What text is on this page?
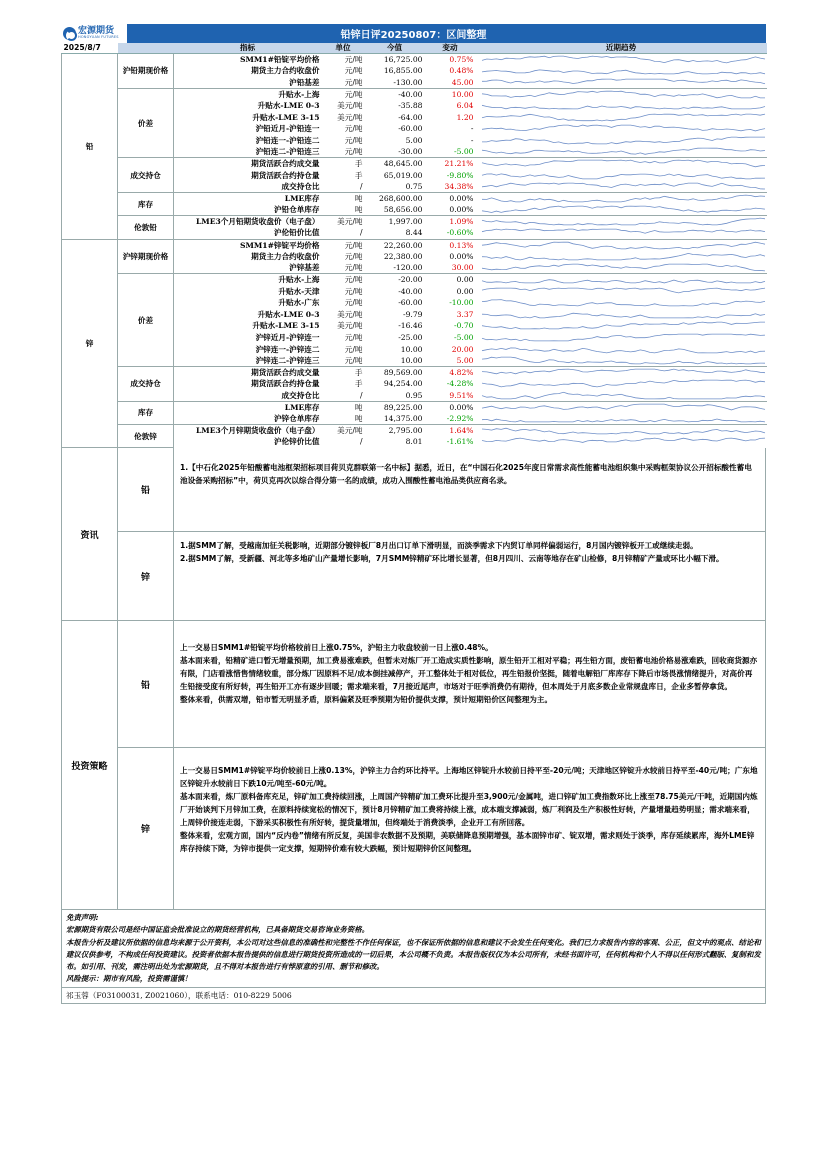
宏源期货
HONGYUAN FUTURES	铅锌日评20250807：区间整理
2025/8/7		指标	单位	今值	变动	近期趋势
铅	沪铅期现价格	SMM1#铅锭平均价格	元/吨	16,725.00	0.75%	

		期货主力合约收盘价	元/吨	16,855.00	0.48%	

		沪铅基差	元/吨	-130.00	45.00	

	价差	升贴水-上海	元/吨	-40.00	10.00	

		升贴水-LME 0-3	美元/吨	-35.88	6.04	

		升贴水-LME 3-15	美元/吨	-64.00	1.20	

		沪铅近月-沪铅连一	元/吨	-60.00	-	

		沪铅连一-沪铅连二	元/吨	5.00	-	

		沪铅连二-沪铅连三	元/吨	-30.00	-5.00	

	成交持仓	期货活跃合约成交量	手	48,645.00	21.21%	

		期货活跃合约持仓量	手	65,019.00	-9.80%	

		成交持仓比	/	0.75	34.38%	

	库存	LME库存	吨	268,600.00	0.00%	

		沪铅仓单库存	吨	58,656.00	0.00%	

	伦敦铅	LME3个月铅期货收盘价（电子盘）	美元/吨	1,997.00	1.09%	

		沪伦铅价比值	/	8.44	-0.60%	

锌	沪锌期现价格	SMM1#锌锭平均价格	元/吨	22,260.00	0.13%	

		期货主力合约收盘价	元/吨	22,380.00	0.00%	

		沪锌基差	元/吨	-120.00	30.00	

	价差	升贴水-上海	元/吨	-20.00	0.00	

		升贴水-天津	元/吨	-40.00	0.00	

		升贴水-广东	元/吨	-60.00	-10.00	

		升贴水-LME 0-3	美元/吨	-9.79	3.37	

		升贴水-LME 3-15	美元/吨	-16.46	-0.70	

		沪锌近月-沪锌连一	元/吨	-25.00	-5.00	

		沪锌连一-沪锌连二	元/吨	10.00	20.00	

		沪锌连二-沪锌连三	元/吨	10.00	5.00	

	成交持仓	期货活跃合约成交量	手	89,569.00	4.82%	

		期货活跃合约持仓量	手	94,254.00	-4.28%	

		成交持仓比	/	0.95	9.51%	

	库存	LME库存	吨	89,225.00	0.00%	

		沪锌仓单库存	吨	14,375.00	-2.92%	

	伦敦锌	LME3个月锌期货收盘价（电子盘）	美元/吨	2,795.00	1.64%	

		沪伦锌价比值	/	8.01	-1.61%	
资讯
铅
1.【中石化2025年铅酸蓄电池框架招标项目荷贝克群联第一名中标】据悉，近日，在“中国石化2025年度日常需求高性能蓄电池组织集中采购框架协议公开招标酸性蓄电池设备采购招标”中，荷贝克再次以综合得分第一名的成绩，成功入围酸性蓄电池品类供应商名录。
锌
1.据SMM了解，受越南加征关税影响，近期部分镀锌板厂8月出口订单下滑明显，而淡季需求下内贸订单同样偏弱运行，8月国内镀锌板开工或继续走弱。
2.据SMM了解，受新疆、河北等多地矿山产量增长影响，7月SMM锌精矿环比增长显著，但8月四川、云南等地存在矿山检修，8月锌精矿产量或环比小幅下滑。
投资策略
铅
上一交易日SMM1#铅锭平均价格较前日上涨0.75%，沪铅主力收盘较前一日上涨0.48%。
基本面来看，铅精矿进口暂无增量预期，加工费易涨难跌，但暂未对炼厂开工造成实质性影响，原生铅开工相对平稳；再生铅方面，废铅蓄电池价格易涨难跌，回收商货源亦有限，门店看涨惜售情绪较重，部分炼厂因原料不足/成本倒挂减停产，开工整体处于相对低位，再生铅报价坚挺，随着电解铅厂库库存下降后市场畏涨情绪提升，对高价再生铅接受度有所好转，再生铅开工亦有逐步回暖；需求端来看，7月接近尾声，市场对于旺季消费仍有期待，但本周处于月底多数企业常规盘库日，企业多暂停拿货。
整体来看，供需双增，铅市暂无明显矛盾，原料偏紧及旺季预期为铅价提供支撑，预计短期铅价区间整理为主。
锌
上一交易日SMM1#锌锭平均价较前日上涨0.13%，沪锌主力合约环比持平。上海地区锌锭升水较前日持平至-20元/吨；天津地区锌锭升水较前日持平至-40元/吨；广东地区锌锭升水较前日下跌10元/吨至-60元/吨。
基本面来看，炼厂原料备库充足，锌矿加工费持续回涨，上周国产锌精矿加工费环比提升至3,900元/金属吨，进口锌矿加工费指数环比上涨至78.75美元/干吨，近期国内炼厂开始谈判下月锌加工费，在原料持续宽松的情况下，预计8月锌精矿加工费将持续上涨，成本端支撑减弱，炼厂利润及生产积极性好转，产量增量趋势明显；需求端来看，上周锌价接连走弱，下游采买积极性有所好转，提货量增加，但终端处于消费淡季，企业开工有所回落。
整体来看，宏观方面，国内“反内卷”情绪有所反复，美国非农数据不及预期，美联储降息预期增强，基本面锌市矿、锭双增，需求则处于淡季，库存延续累库，海外LME锌库存持续下降，为锌市提供一定支撑，短期锌价难有较大跌幅，预计短期锌价区间整理。
免责声明:
宏源期货有限公司是经中国证监会批准设立的期货经营机构，已具备期货交易咨询业务资格。
本报告分析及建议所依据的信息均来源于公开资料，本公司对这些信息的准确性和完整性不作任何保证，也不保证所依据的信息和建议不会发生任何变化。我们已力求报告内容的客观、公正，但文中的观点、结论和建议仅供参考，不构成任何投资建议。投资者依据本报告提供的信息进行期货投资所造成的一切后果，本公司概不负责。本报告版权仅为本公司所有，未经书面许可，任何机构和个人不得以任何形式翻版、复制和发布。如引用、刊发，需注明出处为宏源期货，且不得对本报告进行有悖原意的引用、删节和修改。
风险提示：期市有风险，投资需谨慎！
祁玉蓉（F03100031, Z0021060），联系电话：010-8229 5006
